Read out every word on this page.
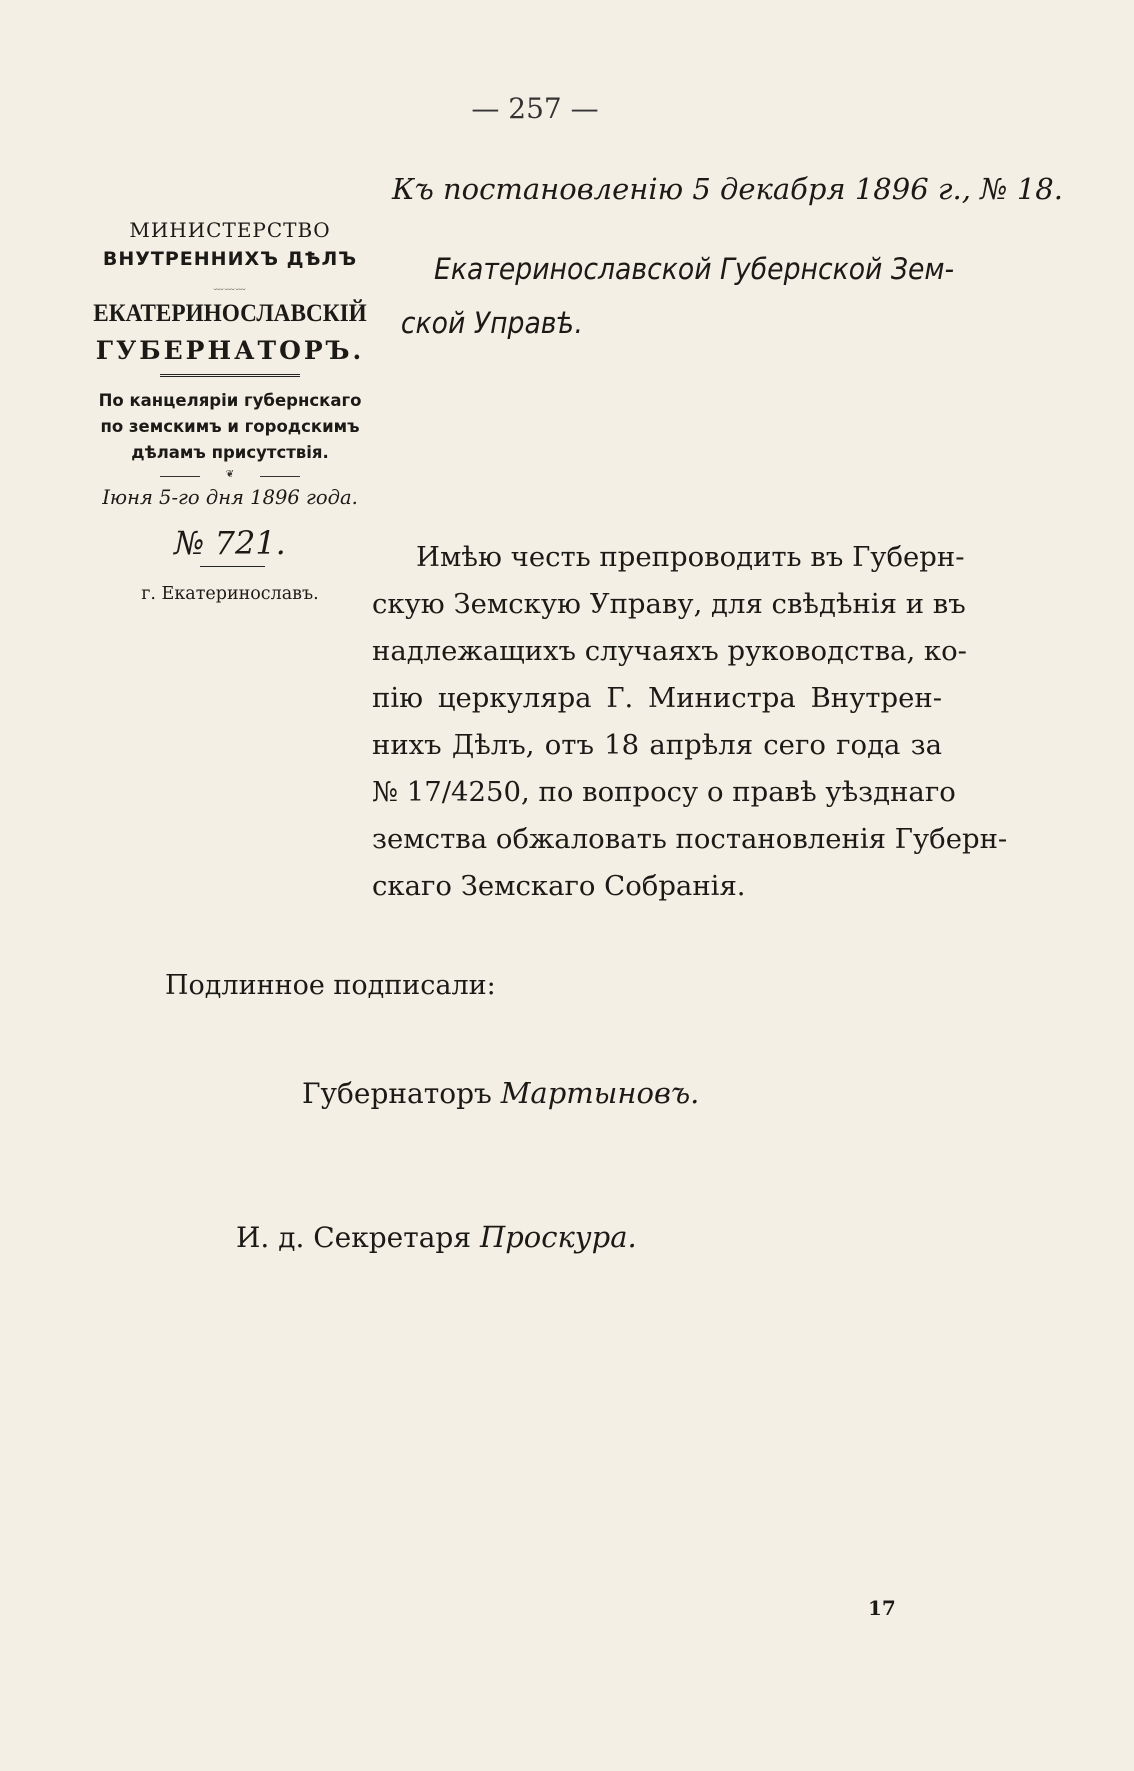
— 257 —
Къ постановленію 5 декабря 1896 г., № 18.
МИНИСТЕРСТВО
ВНУТРЕННИХЪ ДѢЛЪ
﹏﹏﹏
ЕКАТЕРИНОСЛАВСКІЙ
ГУБЕРНАТОРЪ.
По канцеляріи губернскаго
по земскимъ и городскимъ
дѣламъ присутствія.
❦
Іюня 5-го дня 1896 года.
№ 721.
г. Екатеринославъ.
Екатеринославской Губернской Зем-
ской Управѣ.
Имѣю честь препроводить въ Губерн-
скую Земскую Управу, для свѣдѣнія и въ
надлежащихъ случаяхъ руководства, ко-
пію церкуляра Г. Министра Внутрен-
нихъ Дѣлъ, отъ 18 апрѣля сего года за
№ 17/4250, по вопросу о правѣ уѣзднаго
земства обжаловать постановленія Губерн-
скаго Земскаго Собранія.
Подлинное подписали:
Губернаторъ Мартыновъ.
И. д. Секретаря Проскура.
17
